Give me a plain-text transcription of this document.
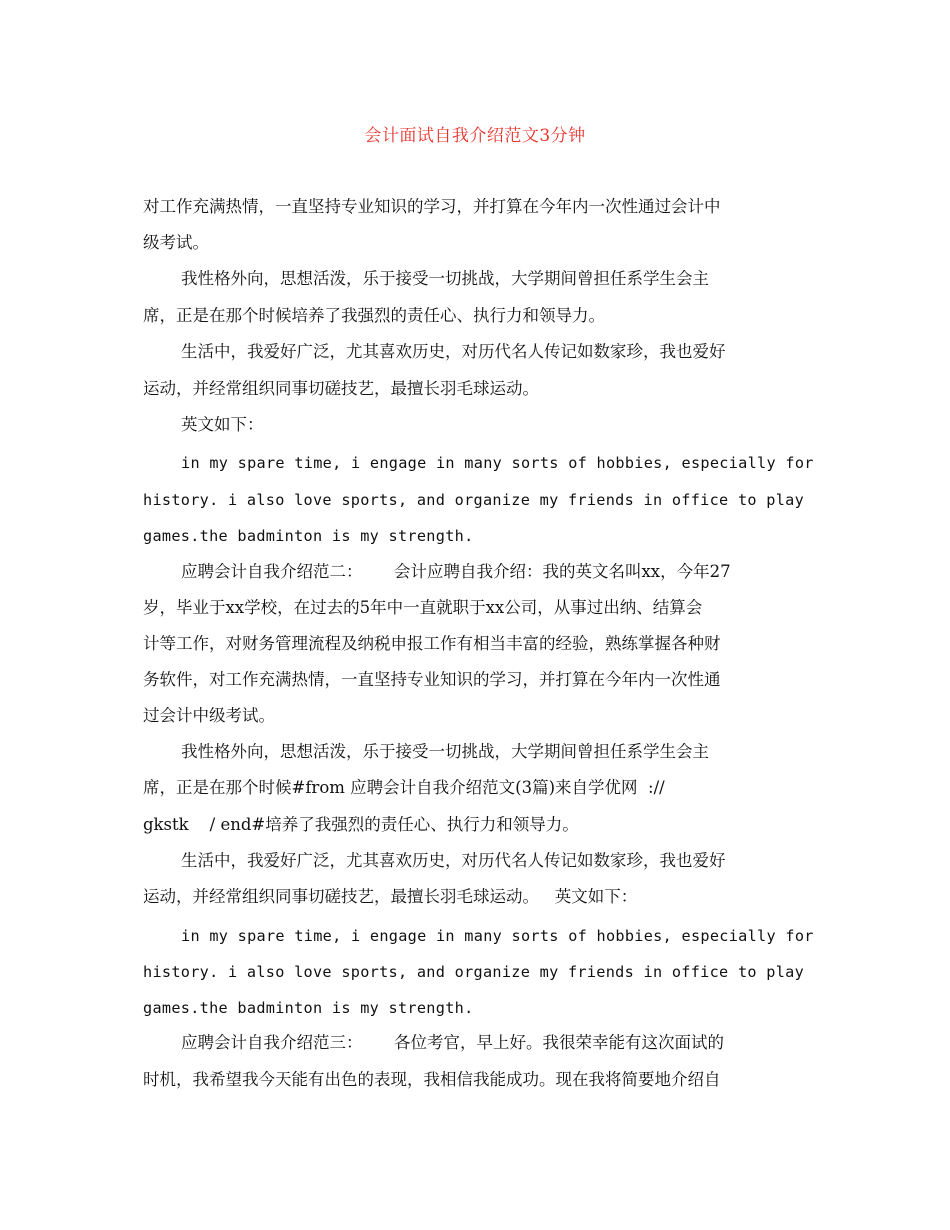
会计面试自我介绍范文3分钟
对工作充满热情，一直坚持专业知识的学习，并打算在今年内一次性通过会计中
级考试。
我性格外向，思想活泼，乐于接受一切挑战，大学期间曾担任系学生会主
席，正是在那个时候培养了我强烈的责任心、执行力和领导力。
生活中，我爱好广泛，尤其喜欢历史，对历代名人传记如数家珍，我也爱好
运动，并经常组织同事切磋技艺，最擅长羽毛球运动。
英文如下：
in my spare time, i engage in many sorts of hobbies, especially for
history. i also love sports, and organize my friends in office to play
games.the badminton is my strength.
应聘会计自我介绍范二：      会计应聘自我介绍：我的英文名叫xx，今年27
岁，毕业于xx学校，在过去的5年中一直就职于xx公司，从事过出纳、结算会
计等工作，对财务管理流程及纳税申报工作有相当丰富的经验，熟练掌握各种财
务软件，对工作充满热情，一直坚持专业知识的学习，并打算在今年内一次性通
过会计中级考试。
我性格外向，思想活泼，乐于接受一切挑战，大学期间曾担任系学生会主
席，正是在那个时候#from 应聘会计自我介绍范文(3篇)来自学优网  ://
gkstk    / end#培养了我强烈的责任心、执行力和领导力。
生活中，我爱好广泛，尤其喜欢历史，对历代名人传记如数家珍，我也爱好
运动，并经常组织同事切磋技艺，最擅长羽毛球运动。   英文如下：
in my spare time, i engage in many sorts of hobbies, especially for
history. i also love sports, and organize my friends in office to play
games.the badminton is my strength.
应聘会计自我介绍范三：      各位考官，早上好。我很荣幸能有这次面试的
时机，我希望我今天能有出色的表现，我相信我能成功。现在我将简要地介绍自
